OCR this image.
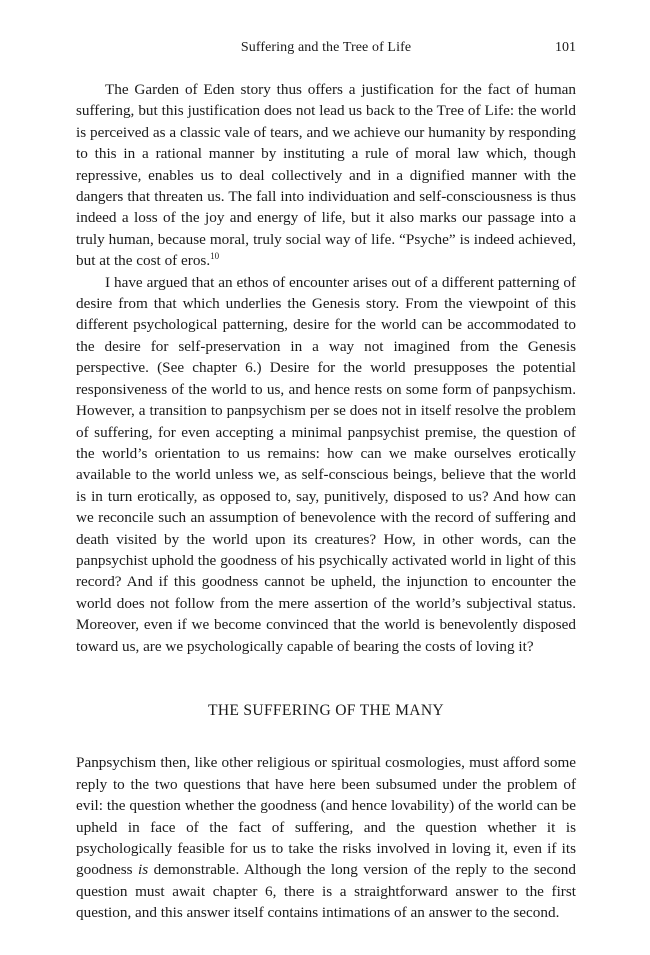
Suffering and the Tree of Life	101

The Garden of Eden story thus offers a justification for the fact of human suffering, but this justification does not lead us back to the Tree of Life: the world is perceived as a classic vale of tears, and we achieve our humanity by responding to this in a rational manner by instituting a rule of moral law which, though repressive, enables us to deal collectively and in a dignified manner with the dangers that threaten us. The fall into individuation and self-consciousness is thus indeed a loss of the joy and energy of life, but it also marks our passage into a truly human, because moral, truly social way of life. “Psyche” is indeed achieved, but at the cost of eros.$^{10}$

I have argued that an ethos of encounter arises out of a different patterning of desire from that which underlies the Genesis story. From the viewpoint of this different psychological patterning, desire for the world can be accommodated to the desire for self-preservation in a way not imagined from the Genesis perspective. (See chapter 6.) Desire for the world presupposes the potential responsiveness of the world to us, and hence rests on some form of panpsychism. However, a transition to panpsychism per se does not in itself resolve the problem of suffering, for even accepting a minimal panpsychist premise, the question of the world’s orientation to us remains: how can we make ourselves erotically available to the world unless we, as self-conscious beings, believe that the world is in turn erotically, as opposed to, say, punitively, disposed to us? And how can we reconcile such an assumption of benevolence with the record of suffering and death visited by the world upon its creatures? How, in other words, can the panpsychist uphold the goodness of his psychically activated world in light of this record? And if this goodness cannot be upheld, the injunction to encounter the world does not follow from the mere assertion of the world’s subjectival status. Moreover, even if we become convinced that the world is benevolently disposed toward us, are we psychologically capable of bearing the costs of loving it?

THE SUFFERING OF THE MANY

Panpsychism then, like other religious or spiritual cosmologies, must afford some reply to the two questions that have here been subsumed under the problem of evil: the question whether the goodness (and hence lovability) of the world can be upheld in face of the fact of suffering, and the question whether it is psychologically feasible for us to take the risks involved in loving it, even if its goodness is demonstrable. Although the long version of the reply to the second question must await chapter 6, there is a straightforward answer to the first question, and this answer itself contains intimations of an answer to the second.
